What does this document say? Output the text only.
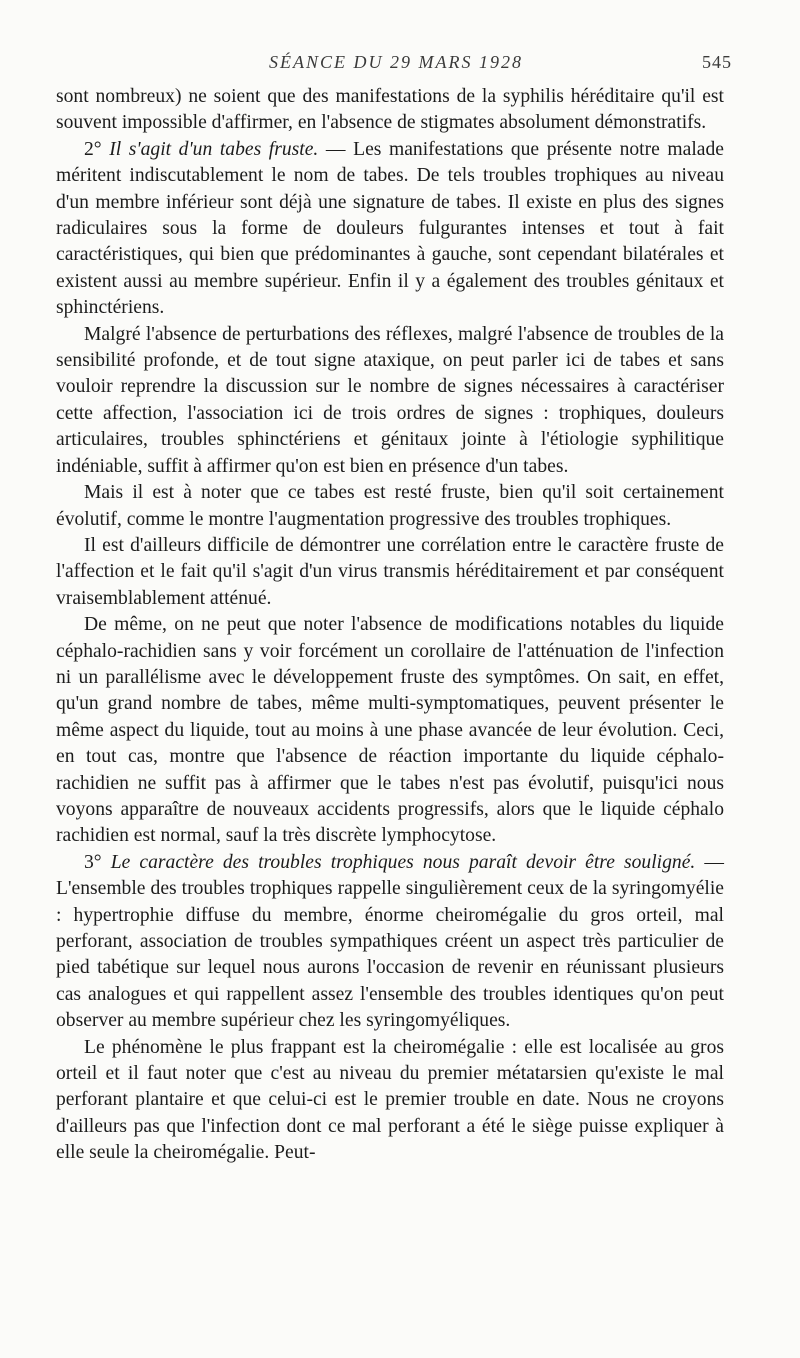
SÉANCE DU 29 MARS 1928	545

sont nombreux) ne soient que des manifestations de la syphilis héréditaire qu'il est souvent impossible d'affirmer, en l'absence de stigmates absolument démonstratifs.

2° Il s'agit d'un tabes fruste. — Les manifestations que présente notre malade méritent indiscutablement le nom de tabes. De tels troubles trophiques au niveau d'un membre inférieur sont déjà une signature de tabes. Il existe en plus des signes radiculaires sous la forme de douleurs fulgurantes intenses et tout à fait caractéristiques, qui bien que prédominantes à gauche, sont cependant bilatérales et existent aussi au membre supérieur. Enfin il y a également des troubles génitaux et sphinctériens.

Malgré l'absence de perturbations des réflexes, malgré l'absence de troubles de la sensibilité profonde, et de tout signe ataxique, on peut parler ici de tabes et sans vouloir reprendre la discussion sur le nombre de signes nécessaires à caractériser cette affection, l'association ici de trois ordres de signes : trophiques, douleurs articulaires, troubles sphinctériens et génitaux jointe à l'étiologie syphilitique indéniable, suffit à affirmer qu'on est bien en présence d'un tabes.

Mais il est à noter que ce tabes est resté fruste, bien qu'il soit certainement évolutif, comme le montre l'augmentation progressive des troubles trophiques.

Il est d'ailleurs difficile de démontrer une corrélation entre le caractère fruste de l'affection et le fait qu'il s'agit d'un virus transmis héréditairement et par conséquent vraisemblablement atténué.

De même, on ne peut que noter l'absence de modifications notables du liquide céphalo-rachidien sans y voir forcément un corollaire de l'atténuation de l'infection ni un parallélisme avec le développement fruste des symptômes. On sait, en effet, qu'un grand nombre de tabes, même multi-symptomatiques, peuvent présenter le même aspect du liquide, tout au moins à une phase avancée de leur évolution. Ceci, en tout cas, montre que l'absence de réaction importante du liquide céphalo-rachidien ne suffit pas à affirmer que le tabes n'est pas évolutif, puisqu'ici nous voyons apparaître de nouveaux accidents progressifs, alors que le liquide céphalo rachidien est normal, sauf la très discrète lymphocytose.

3° Le caractère des troubles trophiques nous paraît devoir être souligné. — L'ensemble des troubles trophiques rappelle singulièrement ceux de la syringomyélie : hypertrophie diffuse du membre, énorme cheiromégalie du gros orteil, mal perforant, association de troubles sympathiques créent un aspect très particulier de pied tabétique sur lequel nous aurons l'occasion de revenir en réunissant plusieurs cas analogues et qui rappellent assez l'ensemble des troubles identiques qu'on peut observer au membre supérieur chez les syringomyéliques.

Le phénomène le plus frappant est la cheiromégalie : elle est localisée au gros orteil et il faut noter que c'est au niveau du premier métatarsien qu'existe le mal perforant plantaire et que celui-ci est le premier trouble en date. Nous ne croyons d'ailleurs pas que l'infection dont ce mal perforant a été le siège puisse expliquer à elle seule la cheiromégalie. Peut-
